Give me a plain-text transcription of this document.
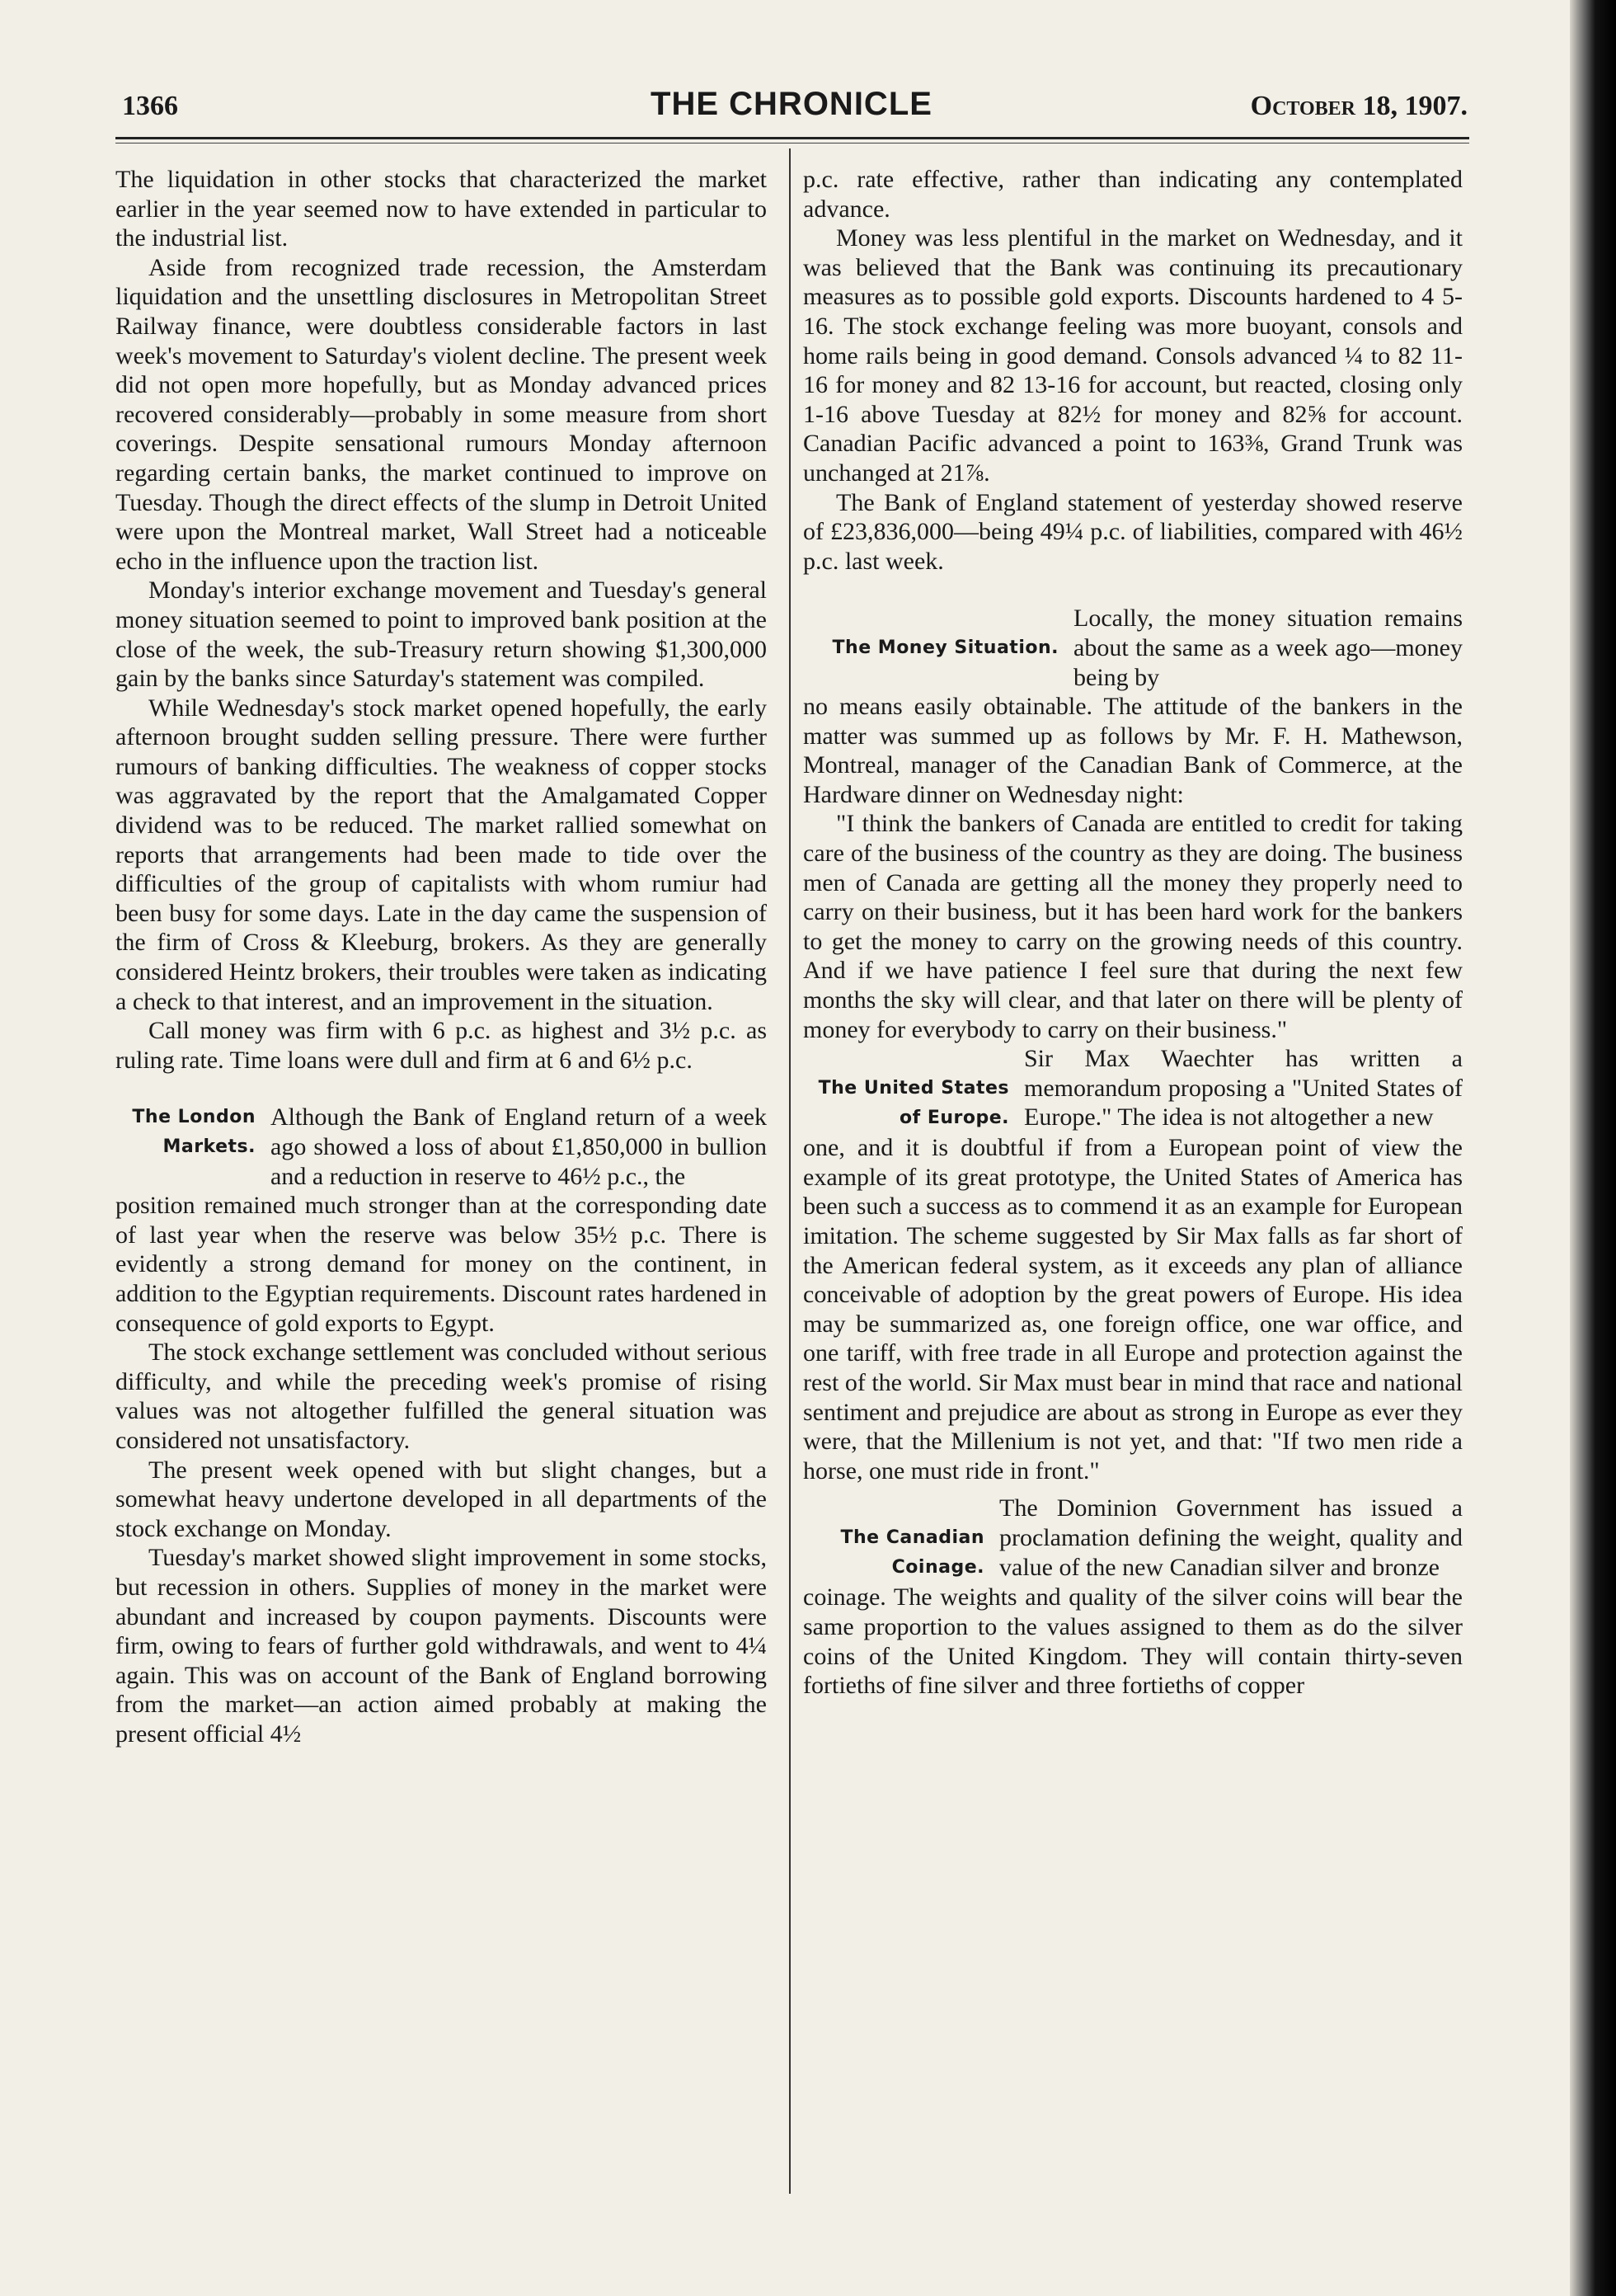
1366	THE CHRONICLE	October 18, 1907.

The liquidation in other stocks that characterized the market earlier in the year seemed now to have extended in particular to the industrial list.

Aside from recognized trade recession, the Amsterdam liquidation and the unsettling disclosures in Metropolitan Street Railway finance, were doubtless considerable factors in last week's movement to Saturday's violent decline. The present week did not open more hopefully, but as Monday advanced prices recovered considerably—probably in some measure from short coverings. Despite sensational rumours Monday afternoon regarding certain banks, the market continued to improve on Tuesday. Though the direct effects of the slump in Detroit United were upon the Montreal market, Wall Street had a noticeable echo in the influence upon the traction list.

Monday's interior exchange movement and Tuesday's general money situation seemed to point to improved bank position at the close of the week, the sub-Treasury return showing $1,300,000 gain by the banks since Saturday's statement was compiled.

While Wednesday's stock market opened hopefully, the early afternoon brought sudden selling pressure. There were further rumours of banking difficulties. The weakness of copper stocks was aggravated by the report that the Amalgamated Copper dividend was to be reduced. The market rallied somewhat on reports that arrangements had been made to tide over the difficulties of the group of capitalists with whom rumiur had been busy for some days. Late in the day came the suspension of the firm of Cross & Kleeburg, brokers. As they are generally considered Heintz brokers, their troubles were taken as indicating a check to that interest, and an improvement in the situation.

Call money was firm with 6 p.c. as highest and 3½ p.c. as ruling rate. Time loans were dull and firm at 6 and 6½ p.c.

The London
Markets.

Although the Bank of England return of a week ago showed a loss of about £1,850,000 in bullion and a reduction in reserve to 46½ p.c., the

position remained much stronger than at the corresponding date of last year when the reserve was below 35½ p.c. There is evidently a strong demand for money on the continent, in addition to the Egyptian requirements. Discount rates hardened in consequence of gold exports to Egypt.

The stock exchange settlement was concluded without serious difficulty, and while the preceding week's promise of rising values was not altogether fulfilled the general situation was considered not unsatisfactory.

The present week opened with but slight changes, but a somewhat heavy undertone developed in all departments of the stock exchange on Monday.

Tuesday's market showed slight improvement in some stocks, but recession in others. Supplies of money in the market were abundant and increased by coupon payments. Discounts were firm, owing to fears of further gold withdrawals, and went to 4¼ again. This was on account of the Bank of England borrowing from the market—an action aimed probably at making the present official 4½

p.c. rate effective, rather than indicating any contemplated advance.

Money was less plentiful in the market on Wednesday, and it was believed that the Bank was continuing its precautionary measures as to possible gold exports. Discounts hardened to 4 5-16. The stock exchange feeling was more buoyant, consols and home rails being in good demand. Consols advanced ¼ to 82 11-16 for money and 82 13-16 for account, but reacted, closing only 1-16 above Tuesday at 82½ for money and 82⅝ for account. Canadian Pacific advanced a point to 163⅜, Grand Trunk was unchanged at 21⅞.

The Bank of England statement of yesterday showed reserve of £23,836,000—being 49¼ p.c. of liabilities, compared with 46½ p.c. last week.

The Money Situation.

Locally, the money situation remains about the same as a week ago—money being by

no means easily obtainable. The attitude of the bankers in the matter was summed up as follows by Mr. F. H. Mathewson, Montreal, manager of the Canadian Bank of Commerce, at the Hardware dinner on Wednesday night:

"I think the bankers of Canada are entitled to credit for taking care of the business of the country as they are doing. The business men of Canada are getting all the money they properly need to carry on their business, but it has been hard work for the bankers to get the money to carry on the growing needs of this country. And if we have patience I feel sure that during the next few months the sky will clear, and that later on there will be plenty of money for everybody to carry on their business."

The United States
of Europe.

Sir Max Waechter has written a memorandum proposing a "United States of Europe." The idea is not altogether a new

one, and it is doubtful if from a European point of view the example of its great prototype, the United States of America has been such a success as to commend it as an example for European imitation. The scheme suggested by Sir Max falls as far short of the American federal system, as it exceeds any plan of alliance conceivable of adoption by the great powers of Europe. His idea may be summarized as, one foreign office, one war office, and one tariff, with free trade in all Europe and protection against the rest of the world. Sir Max must bear in mind that race and national sentiment and prejudice are about as strong in Europe as ever they were, that the Millenium is not yet, and that: "If two men ride a horse, one must ride in front."

The Canadian
Coinage.

The Dominion Government has issued a proclamation defining the weight, quality and value of the new Canadian silver and bronze

coinage. The weights and quality of the silver coins will bear the same proportion to the values assigned to them as do the silver coins of the United Kingdom. They will contain thirty-seven fortieths of fine silver and three fortieths of copper
